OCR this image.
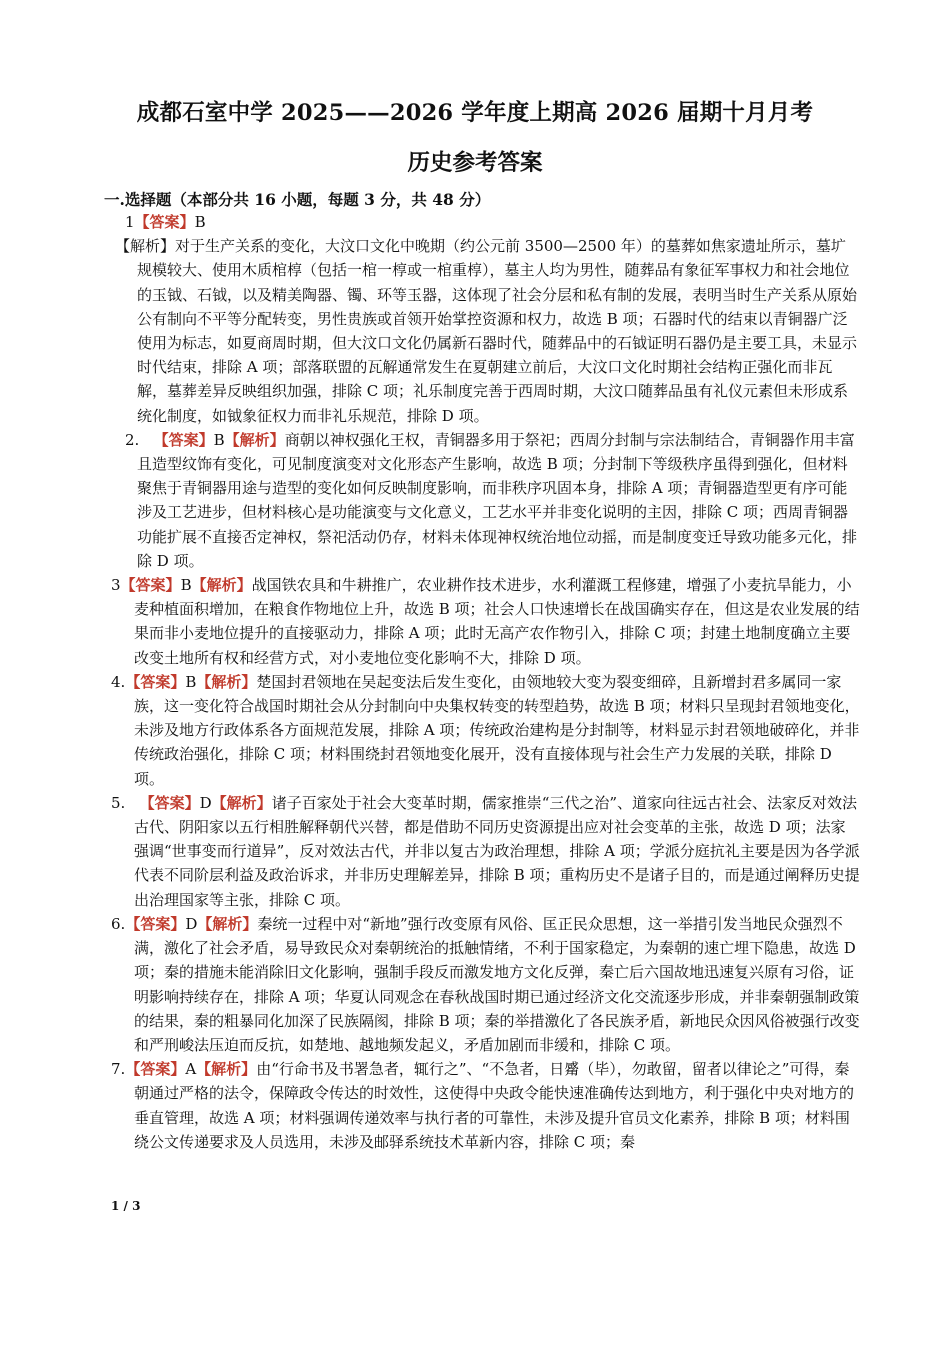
成都石室中学 2025——2026 学年度上期高 2026 届期十月月考
历史参考答案
一.选择题（本部分共 16 小题，每题 3 分，共 48 分）
1【答案】B
【解析】对于生产关系的变化，大汶口文化中晚期（约公元前 3500—2500 年）的墓葬如焦家遗址所示，墓圹规模较大、使用木质棺椁（包括一棺一椁或一棺重椁），墓主人均为男性，随葬品有象征军事权力和社会地位的玉钺、石钺，以及精美陶器、镯、环等玉器，这体现了社会分层和私有制的发展，表明当时生产关系从原始公有制向不平等分配转变，男性贵族或首领开始掌控资源和权力，故选 B 项；石器时代的结束以青铜器广泛使用为标志，如夏商周时期，但大汶口文化仍属新石器时代，随葬品中的石钺证明石器仍是主要工具，未显示时代结束，排除 A 项；部落联盟的瓦解通常发生在夏朝建立前后，大汶口文化时期社会结构正强化而非瓦解，墓葬差异反映组织加强，排除 C 项；礼乐制度完善于西周时期，大汶口随葬品虽有礼仪元素但未形成系统化制度，如钺象征权力而非礼乐规范，排除 D 项。
2. 【答案】B【解析】商朝以神权强化王权，青铜器多用于祭祀；西周分封制与宗法制结合，青铜器作用丰富且造型纹饰有变化，可见制度演变对文化形态产生影响，故选 B 项；分封制下等级秩序虽得到强化，但材料聚焦于青铜器用途与造型的变化如何反映制度影响，而非秩序巩固本身，排除 A 项；青铜器造型更有序可能涉及工艺进步，但材料核心是功能演变与文化意义，工艺水平并非变化说明的主因，排除 C 项；西周青铜器功能扩展不直接否定神权，祭祀活动仍存，材料未体现神权统治地位动摇，而是制度变迁导致功能多元化，排除 D 项。
3【答案】B【解析】战国铁农具和牛耕推广，农业耕作技术进步，水利灌溉工程修建，增强了小麦抗旱能力，小麦种植面积增加，在粮食作物地位上升，故选 B 项；社会人口快速增长在战国确实存在，但这是农业发展的结果而非小麦地位提升的直接驱动力，排除 A 项；此时无高产农作物引入，排除 C 项；封建土地制度确立主要改变土地所有权和经营方式，对小麦地位变化影响不大，排除 D 项。
4.【答案】B【解析】楚国封君领地在吴起变法后发生变化，由领地较大变为裂变细碎，且新增封君多属同一家族，这一变化符合战国时期社会从分封制向中央集权转变的转型趋势，故选 B 项；材料只呈现封君领地变化，未涉及地方行政体系各方面规范发展，排除 A 项；传统政治建构是分封制等，材料显示封君领地破碎化，并非传统政治强化，排除 C 项；材料围绕封君领地变化展开，没有直接体现与社会生产力发展的关联，排除 D 项。
5. 【答案】D【解析】诸子百家处于社会大变革时期，儒家推崇“三代之治”、道家向往远古社会、法家反对效法古代、阴阳家以五行相胜解释朝代兴替，都是借助不同历史资源提出应对社会变革的主张，故选 D 项；法家强调“世事变而行道异”，反对效法古代，并非以复古为政治理想，排除 A 项；学派分庭抗礼主要是因为各学派代表不同阶层利益及政治诉求，并非历史理解差异，排除 B 项；重构历史不是诸子目的，而是通过阐释历史提出治理国家等主张，排除 C 项。
6.【答案】D【解析】秦统一过程中对“新地”强行改变原有风俗、匡正民众思想，这一举措引发当地民众强烈不满，激化了社会矛盾，易导致民众对秦朝统治的抵触情绪，不利于国家稳定，为秦朝的速亡埋下隐患，故选 D 项；秦的措施未能消除旧文化影响，强制手段反而激发地方文化反弹，秦亡后六国故地迅速复兴原有习俗，证明影响持续存在，排除 A 项；华夏认同观念在春秋战国时期已通过经济文化交流逐步形成，并非秦朝强制政策的结果，秦的粗暴同化加深了民族隔阂，排除 B 项；秦的举措激化了各民族矛盾，新地民众因风俗被强行改变和严刑峻法压迫而反抗，如楚地、越地频发起义，矛盾加剧而非缓和，排除 C 项。
7.【答案】A【解析】由“行命书及书署急者，辄行之”、“不急者，日觱（毕），勿敢留，留者以律论之”可得，秦朝通过严格的法令，保障政令传达的时效性，这使得中央政令能快速准确传达到地方，利于强化中央对地方的垂直管理，故选 A 项；材料强调传递效率与执行者的可靠性，未涉及提升官员文化素养，排除 B 项；材料围绕公文传递要求及人员选用，未涉及邮驿系统技术革新内容，排除 C 项；秦
1 / 3
